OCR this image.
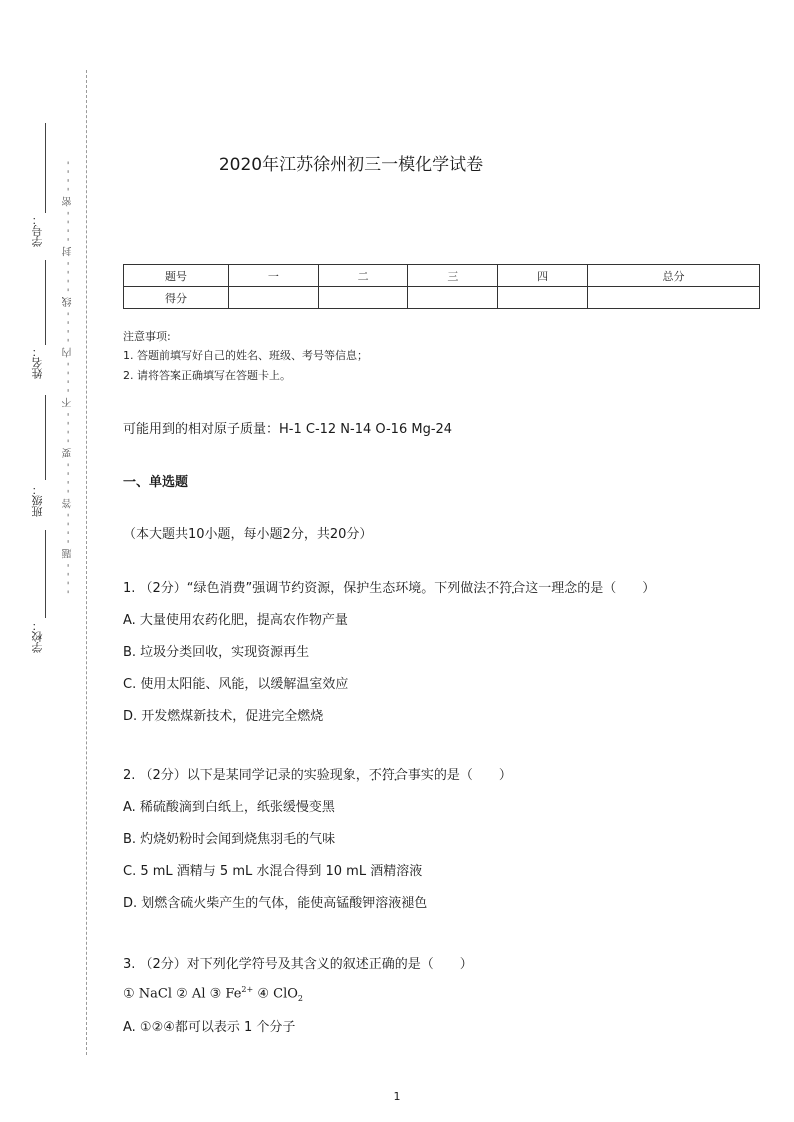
学号：
姓名：
班级：
学校：
- - - - 题 - - - - 答 - - - - 要 - - - - 不 - - - - 内 - - - - 线 - - - - 封 - - - - 密 - - - -	2020年江苏徐州初三一模化学试卷
题号	一	二	三	四	总分
得分					
注意事项:
1. 答题前填写好自己的姓名、班级、考号等信息；
2. 请将答案正确填写在答题卡上。
可能用到的相对原子质量：H-1 C-12 N-14 O-16 Mg-24
一、单选题
（本大题共10小题，每小题2分，共20分）
1. （2分）“绿色消费”强调节约资源，保护生态环境。下列做法不符合 • • •这一理念的是（　　）
A. 大量使用农药化肥，提高农作物产量
B. 垃圾分类回收，实现资源再生
C. 使用太阳能、风能，以缓解温室效应
D. 开发燃煤新技术，促进完全燃烧
2. （2分）以下是某同学记录的实验现象，不符合 • • •事实的是（　　）
A. 稀硫酸滴到白纸上，纸张缓慢变黑
B. 灼烧奶粉时会闻到烧焦羽毛的气味
C. 5 mL 酒精与 5 mL 水混合得到 10 mL 酒精溶液
D. 划燃含硫火柴产生的气体，能使高锰酸钾溶液褪色
3. （2分）对下列化学符号及其含义的叙述正确的是（　　）
① NaCl ② Al ③ $Fe^{2+}$ ④ ClO$_2$
A. ①②④都可以表示 1 个分子
1
